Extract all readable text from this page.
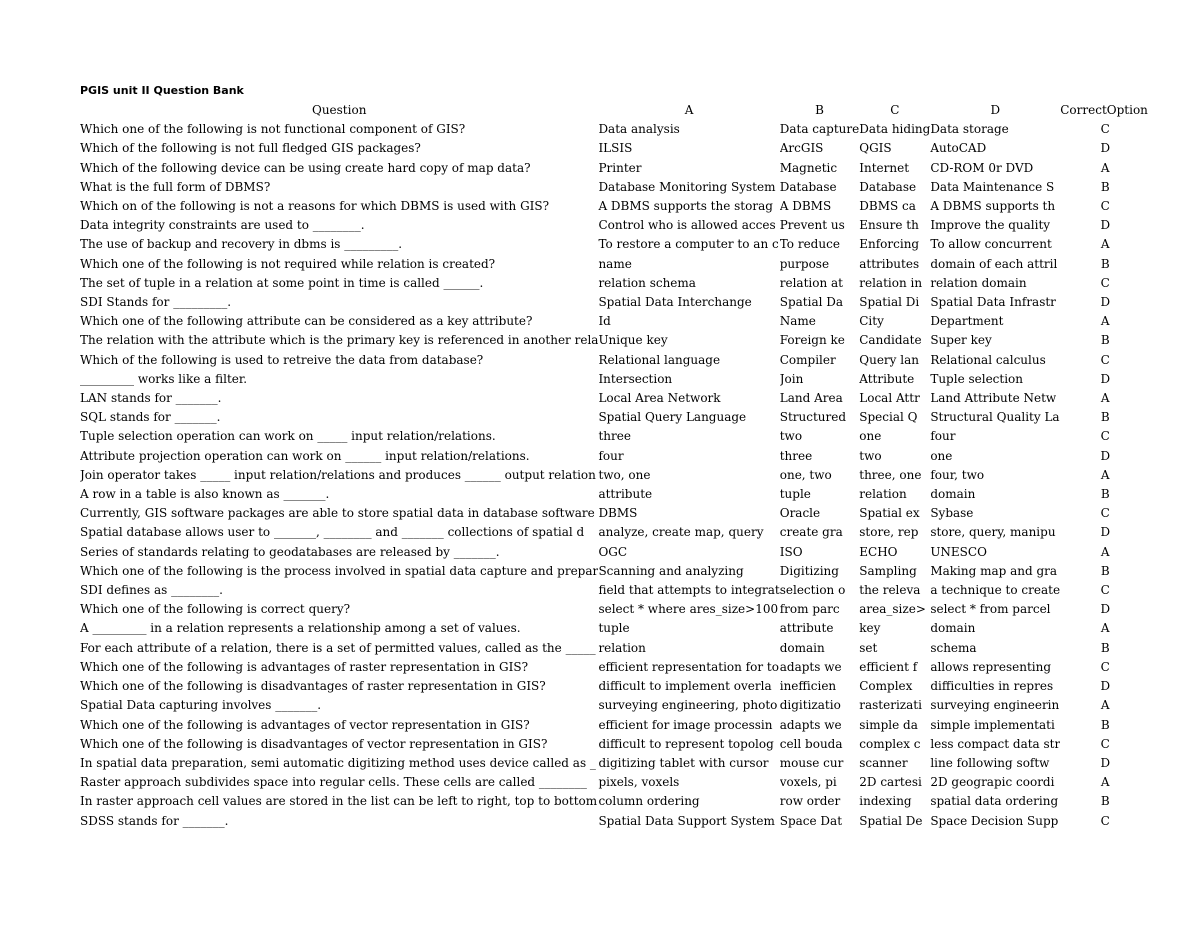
PGIS unit II Question Bank
Question	A	B	C	D	CorrectOption
Which one of the following is not functional component of GIS?	Data analysis	Data capture	Data hiding	Data storage	C
Which of the following is not full fledged GIS packages?	ILSIS	ArcGIS	QGIS	AutoCAD	D
Which of the following device can be using create hard copy of map data?	Printer	Magnetic	Internet	CD-ROM 0r DVD	A
What is the full form of DBMS?	Database Monitoring System	Database	Database	Data Maintenance S	B
Which on of the following is not a reasons for which DBMS is used with GIS?	A DBMS supports the storag	A DBMS	DBMS ca	A DBMS supports th	C
Data integrity constraints are used to ________.	Control who is allowed acces	Prevent us	Ensure th	Improve the quality	D
The use of backup and recovery in dbms is _________.	To restore a computer to an c	To reduce	Enforcing	To allow concurrent	A
Which one of the following is not required while relation is created?	name	purpose	attributes	domain of each attril	B
The set of tuple in a relation at some point in time is called ______.	relation schema	relation at	relation in	relation domain	C
SDI Stands for _________.	Spatial Data Interchange	Spatial Da	Spatial Di	Spatial Data Infrastr	D
Which one of the following attribute can be considered as a key attribute?	Id	Name	City	Department	A
The relation with the attribute which is the primary key is referenced in another rela	Unique key	Foreign ke	Candidate	Super key	B
Which of the following is used to retreive the data from database?	Relational language	Compiler	Query lan	Relational calculus	C
_________ works like a filter.	Intersection	Join	Attribute	Tuple selection	D
LAN stands for _______.	Local Area Network	Land Area	Local Attr	Land Attribute Netw	A
SQL stands for _______.	Spatial Query Language	Structured	Special Q	Structural Quality La	B
Tuple selection operation can work on _____ input relation/relations.	three	two	one	four	C
Attribute projection operation can work on ______ input relation/relations.	four	three	two	one	D
Join operator takes _____ input relation/relations and produces ______ output relation	two, one	one, two	three, one	four, two	A
A row in a table is also known as _______.	attribute	tuple	relation	domain	B
Currently, GIS software packages are able to store spatial data in database software	DBMS	Oracle	Spatial ex	Sybase	C
Spatial database allows user to _______, ________ and _______ collections of spatial d	analyze, create map, query	create gra	store, rep	store, query, manipu	D
Series of standards relating to geodatabases are released by _______.	OGC	ISO	ECHO	UNESCO	A
Which one of the following is the process involved in spatial data capture and prepar	Scanning and analyzing	Digitizing	Sampling	Making map and gra	B
SDI defines as ________.	field that attempts to integrat	selection o	the releva	a technique to create	C
Which one of the following is correct query?	select * where ares_size>100	from parc	area_size>	select * from parcel	D
A _________ in a relation represents a relationship among a set of values.	tuple	attribute	key	domain	A
For each attribute of a relation, there is a set of permitted values, called as the _____	relation	domain	set	schema	B
Which one of the following is advantages of raster representation in GIS?	efficient representation for to	adapts we	efficient f	allows representing	C
Which one of the following is disadvantages of raster representation in GIS?	difficult to implement overla	inefficien	Complex	difficulties in repres	D
Spatial Data capturing involves _______.	surveying engineering, photo	digitizatio	rasterizati	surveying engineerin	A
Which one of the following is advantages of vector representation in GIS?	efficient for image processin	adapts we	simple da	simple implementati	B
Which one of the following is disadvantages of vector representation in GIS?	difficult to represent topolog	cell bouda	complex c	less compact data str	C
In spatial data preparation, semi automatic digitizing method uses device called as _	digitizing tablet with cursor	mouse cur	scanner	line following softw	D
Raster approach subdivides space into regular cells. These cells are called ________	pixels, voxels	voxels, pi	2D cartesi	2D geograpic coordi	A
In raster approach cell values are stored in the list can be left to right, top to bottom	column ordering	row order	indexing	spatial data ordering	B
SDSS stands for _______.	Spatial Data Support System	Space Dat	Spatial De	Space Decision Supp	C
